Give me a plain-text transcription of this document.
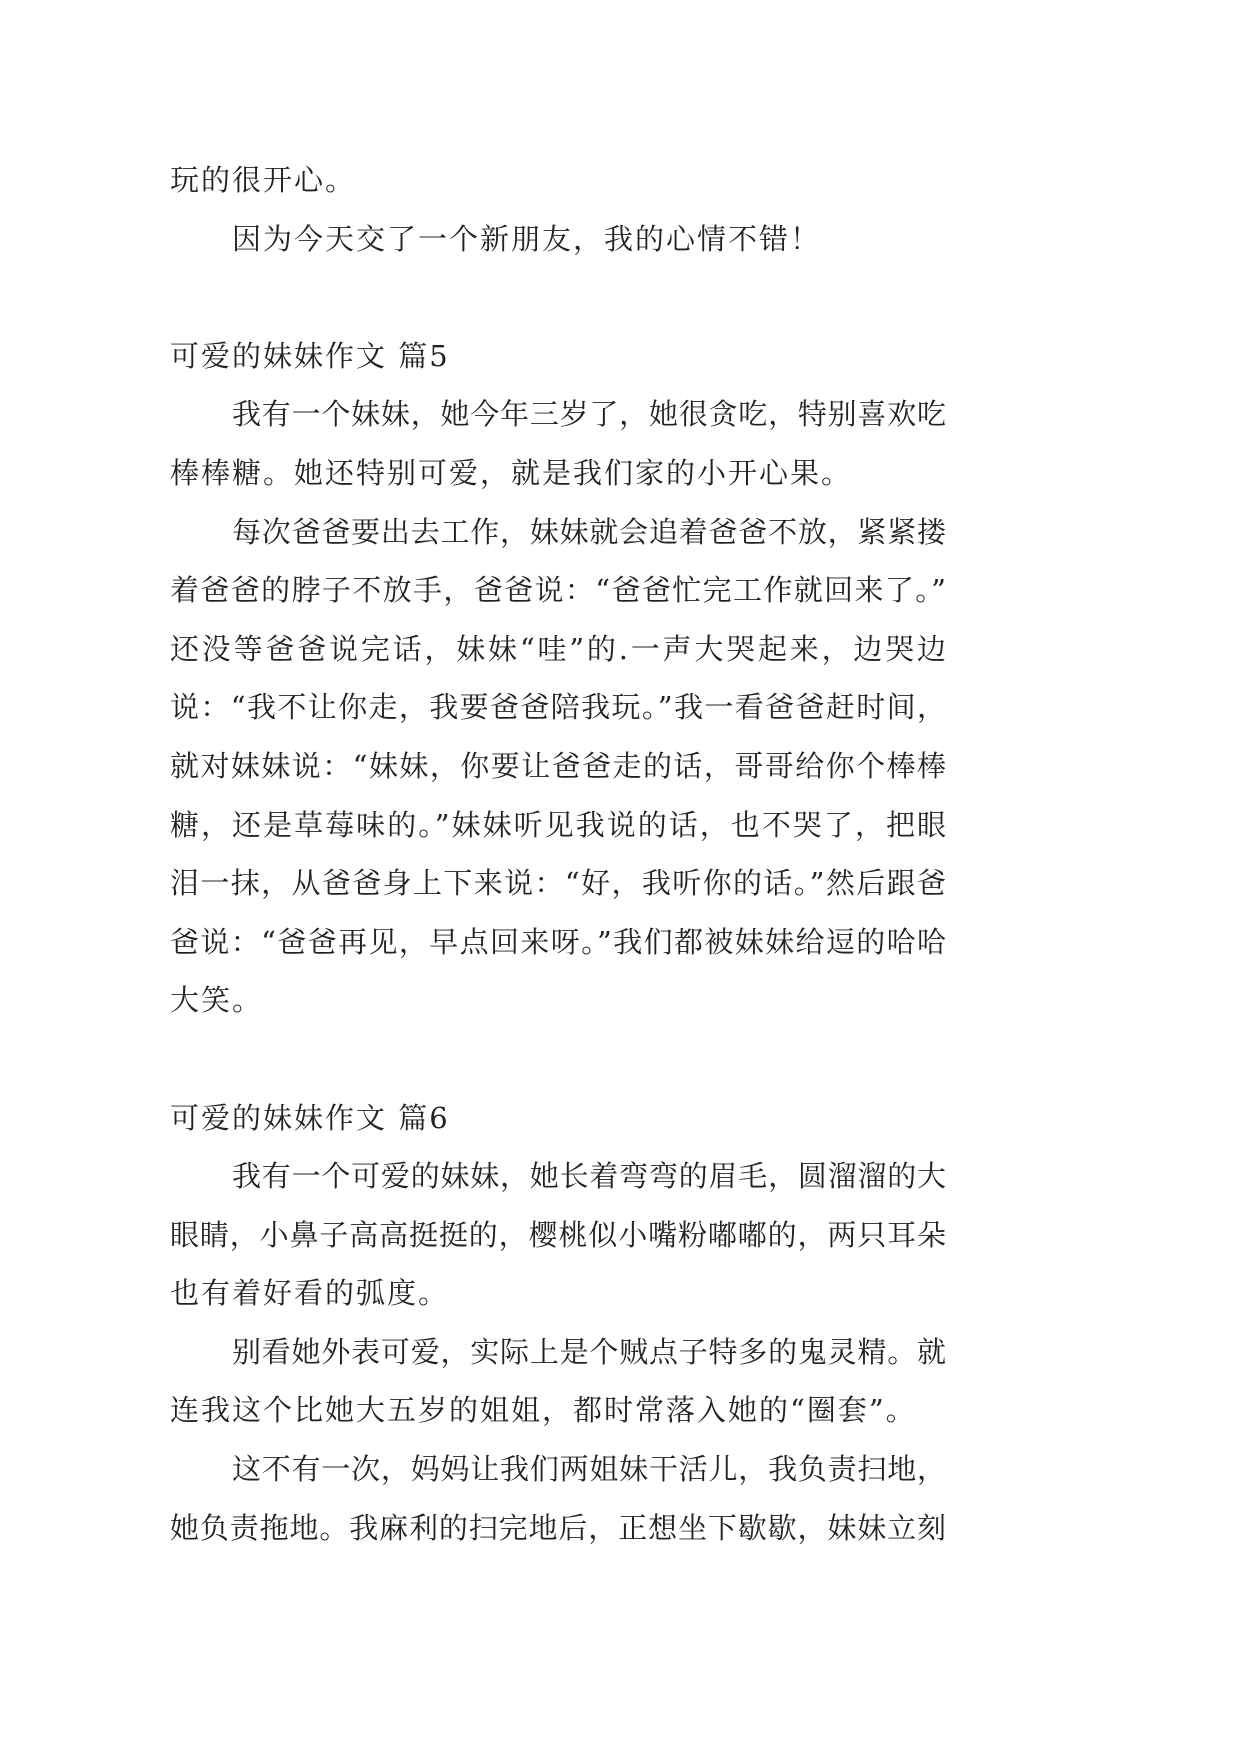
玩的很开心。
因为今天交了一个新朋友，我的心情不错！
可爱的妹妹作文 篇5
我有一个妹妹，她今年三岁了，她很贪吃，特别喜欢吃
棒棒糖。她还特别可爱，就是我们家的小开心果。
每次爸爸要出去工作，妹妹就会追着爸爸不放，紧紧搂
着爸爸的脖子不放手，爸爸说：“爸爸忙完工作就回来了。”
还没等爸爸说完话，妹妹“哇”的.一声大哭起来，边哭边
说：“我不让你走，我要爸爸陪我玩。”我一看爸爸赶时间，
就对妹妹说：“妹妹，你要让爸爸走的话，哥哥给你个棒棒
糖，还是草莓味的。”妹妹听见我说的话，也不哭了，把眼
泪一抹，从爸爸身上下来说：“好，我听你的话。”然后跟爸
爸说：“爸爸再见，早点回来呀。”我们都被妹妹给逗的哈哈
大笑。
可爱的妹妹作文 篇6
我有一个可爱的妹妹，她长着弯弯的眉毛，圆溜溜的大
眼睛，小鼻子高高挺挺的，樱桃似小嘴粉嘟嘟的，两只耳朵
也有着好看的弧度。
别看她外表可爱，实际上是个贼点子特多的鬼灵精。就
连我这个比她大五岁的姐姐，都时常落入她的“圈套”。
这不有一次，妈妈让我们两姐妹干活儿，我负责扫地，
她负责拖地。我麻利的扫完地后，正想坐下歇歇，妹妹立刻
